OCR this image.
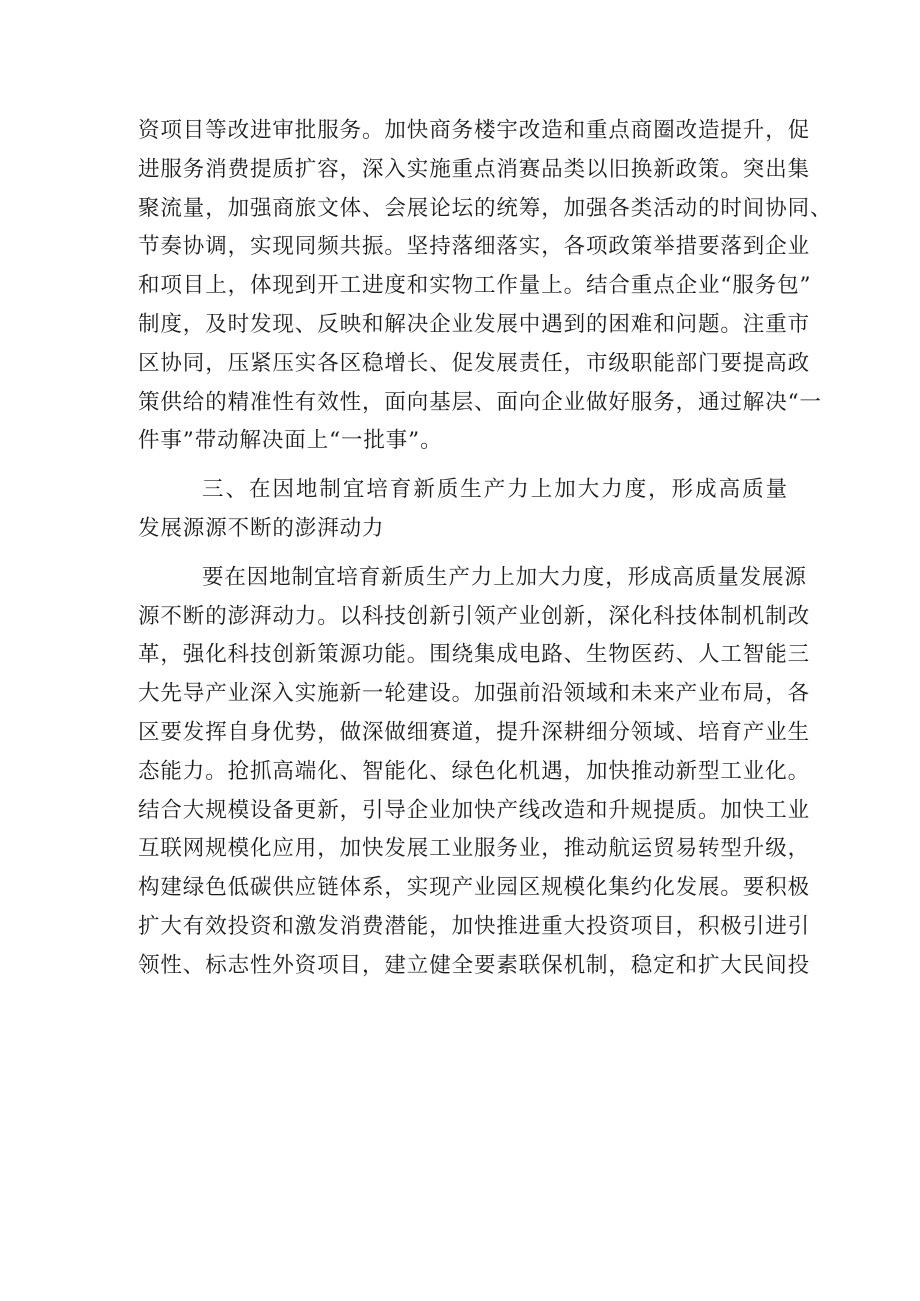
资项目等改进审批服务。加快商务楼宇改造和重点商圈改造提升，促
进服务消费提质扩容，深入实施重点消赛品类以旧换新政策。突出集
聚流量，加强商旅文体、会展论坛的统筹，加强各类活动的时间协同、
节奏协调，实现同频共振。坚持落细落实，各项政策举措要落到企业
和项目上，体现到开工进度和实物工作量上。结合重点企业“服务包”
制度，及时发现、反映和解决企业发展中遇到的困难和问题。注重市
区协同，压紧压实各区稳增长、促发展责任，市级职能部门要提高政
策供给的精准性有效性，面向基层、面向企业做好服务，通过解决“一
件事”带动解决面上“一批事”。
三、在因地制宜培育新质生产力上加大力度，形成高质量
发展源源不断的澎湃动力
要在因地制宜培育新质生产力上加大力度，形成高质量发展源
源不断的澎湃动力。以科技创新引领产业创新，深化科技体制机制改
革，强化科技创新策源功能。围绕集成电路、生物医药、人工智能三
大先导产业深入实施新一轮建设。加强前沿领域和未来产业布局，各
区要发挥自身优势，做深做细赛道，提升深耕细分领域、培育产业生
态能力。抢抓高端化、智能化、绿色化机遇，加快推动新型工业化。
结合大规模设备更新，引导企业加快产线改造和升规提质。加快工业
互联网规模化应用，加快发展工业服务业，推动航运贸易转型升级，
构建绿色低碳供应链体系，实现产业园区规模化集约化发展。要积极
扩大有效投资和激发消费潜能，加快推进重大投资项目，积极引进引
领性、标志性外资项目，建立健全要素联保机制，稳定和扩大民间投
